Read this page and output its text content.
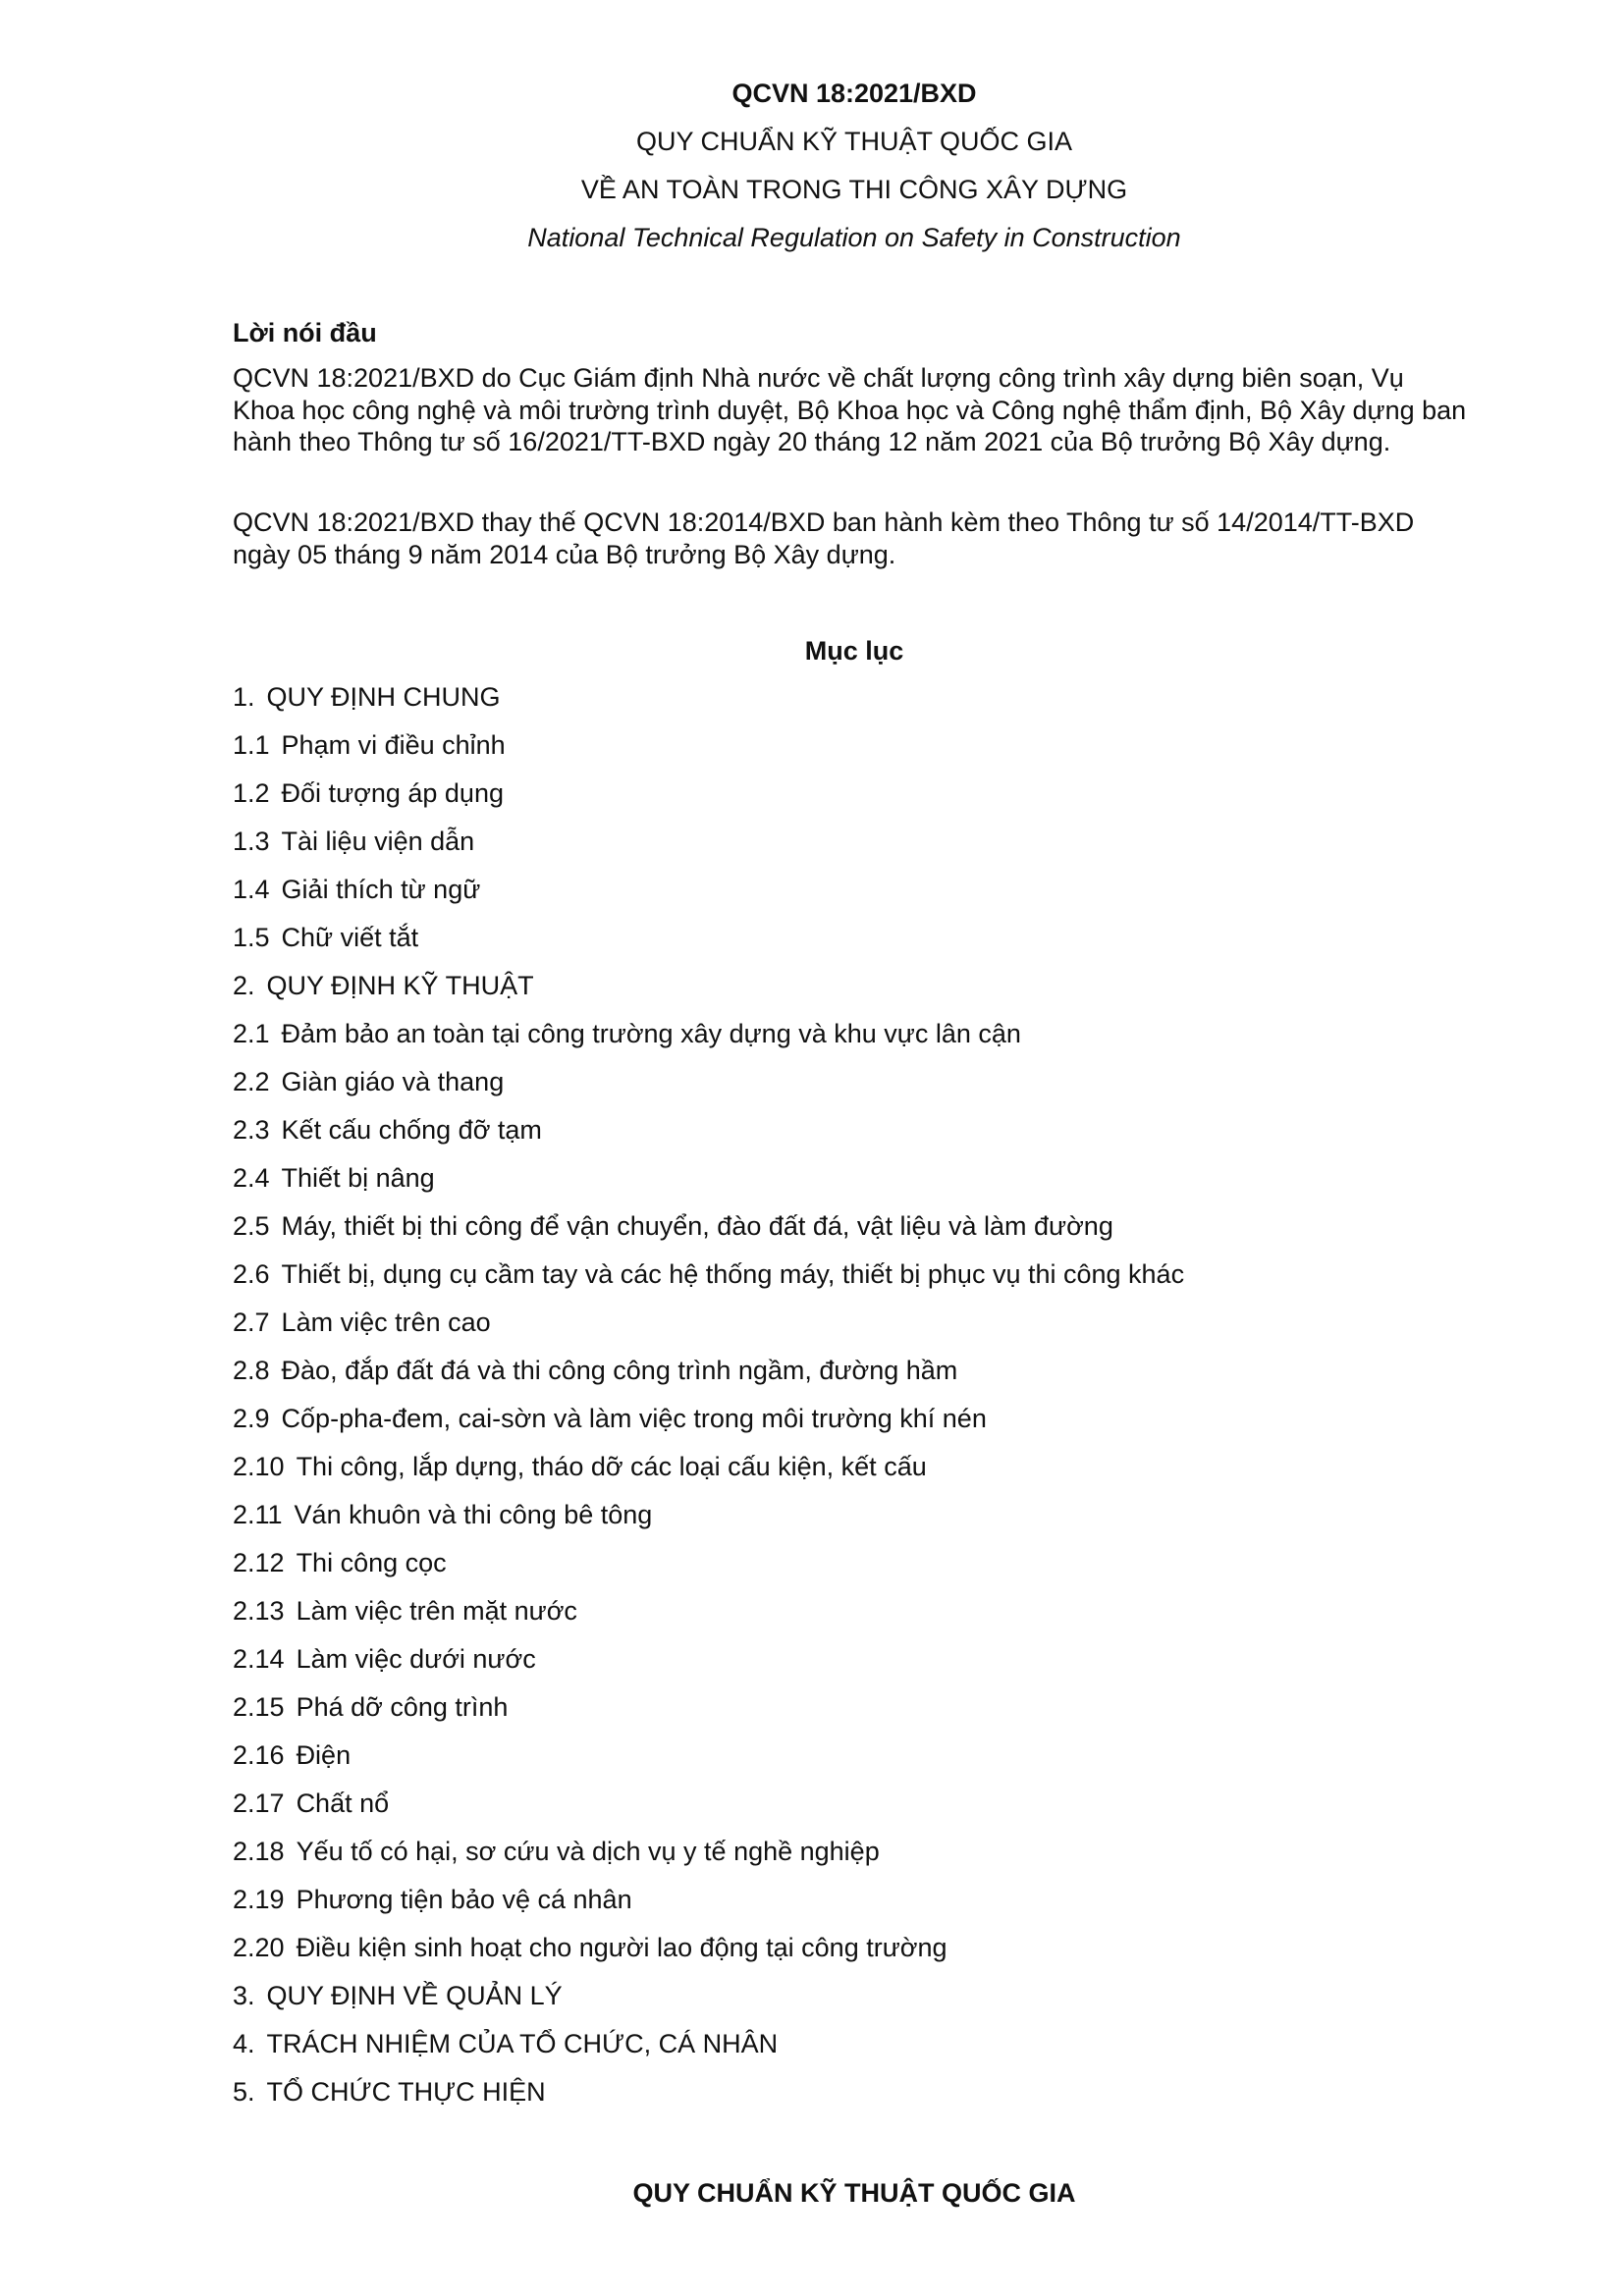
QCVN 18:2021/BXD
QUY CHUẨN KỸ THUẬT QUỐC GIA
VỀ AN TOÀN TRONG THI CÔNG XÂY DỰNG
National Technical Regulation on Safety in Construction
Lời nói đầu

QCVN 18:2021/BXD do Cục Giám định Nhà nước về chất lượng công trình xây dựng biên soạn, Vụ Khoa học công nghệ và môi trường trình duyệt, Bộ Khoa học và Công nghệ thẩm định, Bộ Xây dựng ban hành theo Thông tư số 16/2021/TT-BXD ngày 20 tháng 12 năm 2021 của Bộ trưởng Bộ Xây dựng.

QCVN 18:2021/BXD thay thế QCVN 18:2014/BXD ban hành kèm theo Thông tư số 14/2014/TT-BXD ngày 05 tháng 9 năm 2014 của Bộ trưởng Bộ Xây dựng.

Mục lục
1. QUY ĐỊNH CHUNG
1.1 Phạm vi điều chỉnh
1.2 Đối tượng áp dụng
1.3 Tài liệu viện dẫn
1.4 Giải thích từ ngữ
1.5 Chữ viết tắt
2. QUY ĐỊNH KỸ THUẬT
2.1 Đảm bảo an toàn tại công trường xây dựng và khu vực lân cận
2.2 Giàn giáo và thang
2.3 Kết cấu chống đỡ tạm
2.4 Thiết bị nâng
2.5 Máy, thiết bị thi công để vận chuyển, đào đất đá, vật liệu và làm đường
2.6 Thiết bị, dụng cụ cầm tay và các hệ thống máy, thiết bị phục vụ thi công khác
2.7 Làm việc trên cao
2.8 Đào, đắp đất đá và thi công công trình ngầm, đường hầm
2.9 Cốp-pha-đem, cai-sờn và làm việc trong môi trường khí nén
2.10 Thi công, lắp dựng, tháo dỡ các loại cấu kiện, kết cấu
2.11 Ván khuôn và thi công bê tông
2.12 Thi công cọc
2.13 Làm việc trên mặt nước
2.14 Làm việc dưới nước
2.15 Phá dỡ công trình
2.16 Điện
2.17 Chất nổ
2.18 Yếu tố có hại, sơ cứu và dịch vụ y tế nghề nghiệp
2.19 Phương tiện bảo vệ cá nhân
2.20 Điều kiện sinh hoạt cho người lao động tại công trường
3. QUY ĐỊNH VỀ QUẢN LÝ
4. TRÁCH NHIỆM CỦA TỔ CHỨC, CÁ NHÂN
5. TỔ CHỨC THỰC HIỆN
QUY CHUẨN KỸ THUẬT QUỐC GIA
